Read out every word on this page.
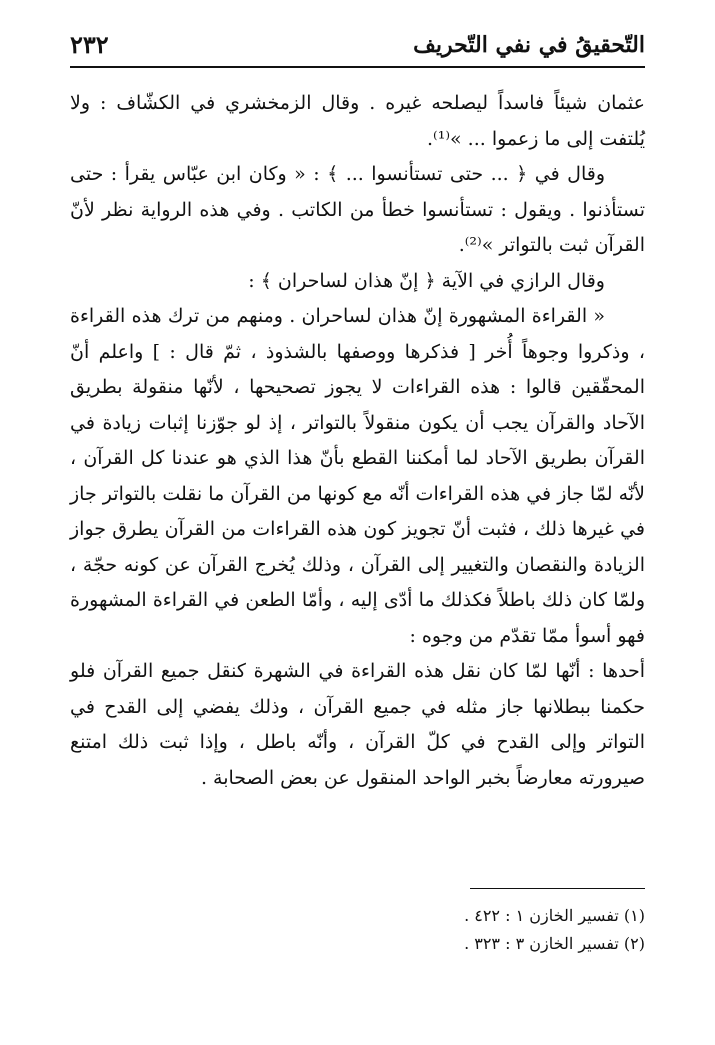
٢٣٢	التّحقيقُ في نفي التّحريف

عثمان شيئاً فاسداً ليصلحه غيره . وقال الزمخشري في الكشّاف : ولا يُلتفت إلى ما زعموا ... »⁽¹⁾.

وقال في ﴿ ... حتى تستأنسوا ... ﴾ : « وكان ابن عبّاس يقرأ : حتى تستأذنوا . ويقول : تستأنسوا خطأ من الكاتب . وفي هذه الرواية نظر لأنّ القرآن ثبت بالتواتر »⁽²⁾.

وقال الرازي في الآية ﴿ إنّ هذان لساحران ﴾ :

« القراءة المشهورة إنّ هذان لساحران . ومنهم من ترك هذه القراءة ، وذكروا وجوهاً أُخر [ فذكرها ووصفها بالشذوذ ، ثمّ قال : ] واعلم أنّ المحقّقين قالوا : هذه القراءات لا يجوز تصحيحها ، لأنّها منقولة بطريق الآحاد والقرآن يجب أن يكون منقولاً بالتواتر ، إذ لو جوّزنا إثبات زيادة في القرآن بطريق الآحاد لما أمكننا القطع بأنّ هذا الذي هو عندنا كل القرآن ، لأنّه لمّا جاز في هذه القراءات أنّه مع كونها من القرآن ما نقلت بالتواتر جاز في غيرها ذلك ، فثبت أنّ تجويز كون هذه القراءات من القرآن يطرق جواز الزيادة والنقصان والتغيير إلى القرآن ، وذلك يُخرج القرآن عن كونه حجّة ، ولمّا كان ذلك باطلاً فكذلك ما أدّى إليه ، وأمّا الطعن في القراءة المشهورة فهو أسوأ ممّا تقدّم من وجوه :

أحدها : أنّها لمّا كان نقل هذه القراءة في الشهرة كنقل جميع القرآن فلو حكمنا ببطلانها جاز مثله في جميع القرآن ، وذلك يفضي إلى القدح في التواتر وإلى القدح في كلّ القرآن ، وأنّه باطل ، وإذا ثبت ذلك امتنع صيرورته معارضاً بخبر الواحد المنقول عن بعض الصحابة .

(١) تفسير الخازن ١ : ٤٢٢ .

(٢) تفسير الخازن ٣ : ٣٢٣ .
